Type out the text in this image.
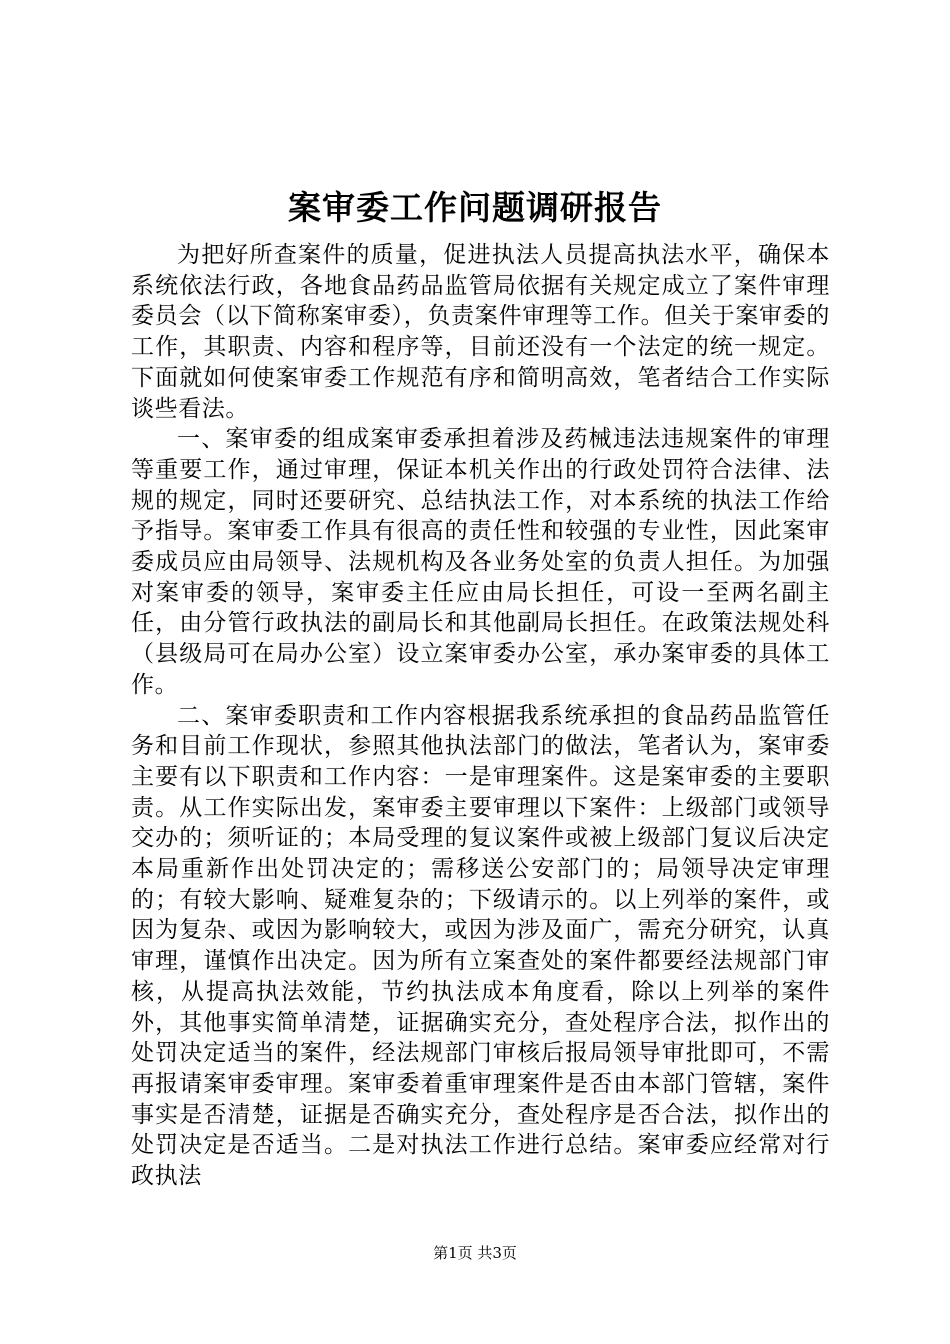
案审委工作问题调研报告

为把好所查案件的质量，促进执法人员提高执法水平，确保本系统依法行政，各地食品药品监管局依据有关规定成立了案件审理委员会（以下简称案审委），负责案件审理等工作。但关于案审委的工作，其职责、内容和程序等，目前还没有一个法定的统一规定。下面就如何使案审委工作规范有序和简明高效，笔者结合工作实际谈些看法。

一、案审委的组成案审委承担着涉及药械违法违规案件的审理等重要工作，通过审理，保证本机关作出的行政处罚符合法律、法规的规定，同时还要研究、总结执法工作，对本系统的执法工作给予指导。案审委工作具有很高的责任性和较强的专业性，因此案审委成员应由局领导、法规机构及各业务处室的负责人担任。为加强对案审委的领导，案审委主任应由局长担任，可设一至两名副主任，由分管行政执法的副局长和其他副局长担任。在政策法规处科（县级局可在局办公室）设立案审委办公室，承办案审委的具体工作。

二、案审委职责和工作内容根据我系统承担的食品药品监管任务和目前工作现状，参照其他执法部门的做法，笔者认为，案审委主要有以下职责和工作内容：一是审理案件。这是案审委的主要职责。从工作实际出发，案审委主要审理以下案件：上级部门或领导交办的；须听证的；本局受理的复议案件或被上级部门复议后决定本局重新作出处罚决定的；需移送公安部门的；局领导决定审理的；有较大影响、疑难复杂的；下级请示的。以上列举的案件，或因为复杂、或因为影响较大，或因为涉及面广，需充分研究，认真审理，谨慎作出决定。因为所有立案查处的案件都要经法规部门审核，从提高执法效能，节约执法成本角度看，除以上列举的案件外，其他事实简单清楚，证据确实充分，查处程序合法，拟作出的处罚决定适当的案件，经法规部门审核后报局领导审批即可，不需再报请案审委审理。案审委着重审理案件是否由本部门管辖，案件事实是否清楚，证据是否确实充分，查处程序是否合法，拟作出的处罚决定是否适当。二是对执法工作进行总结。案审委应经常对行政执法

第1页 共3页
